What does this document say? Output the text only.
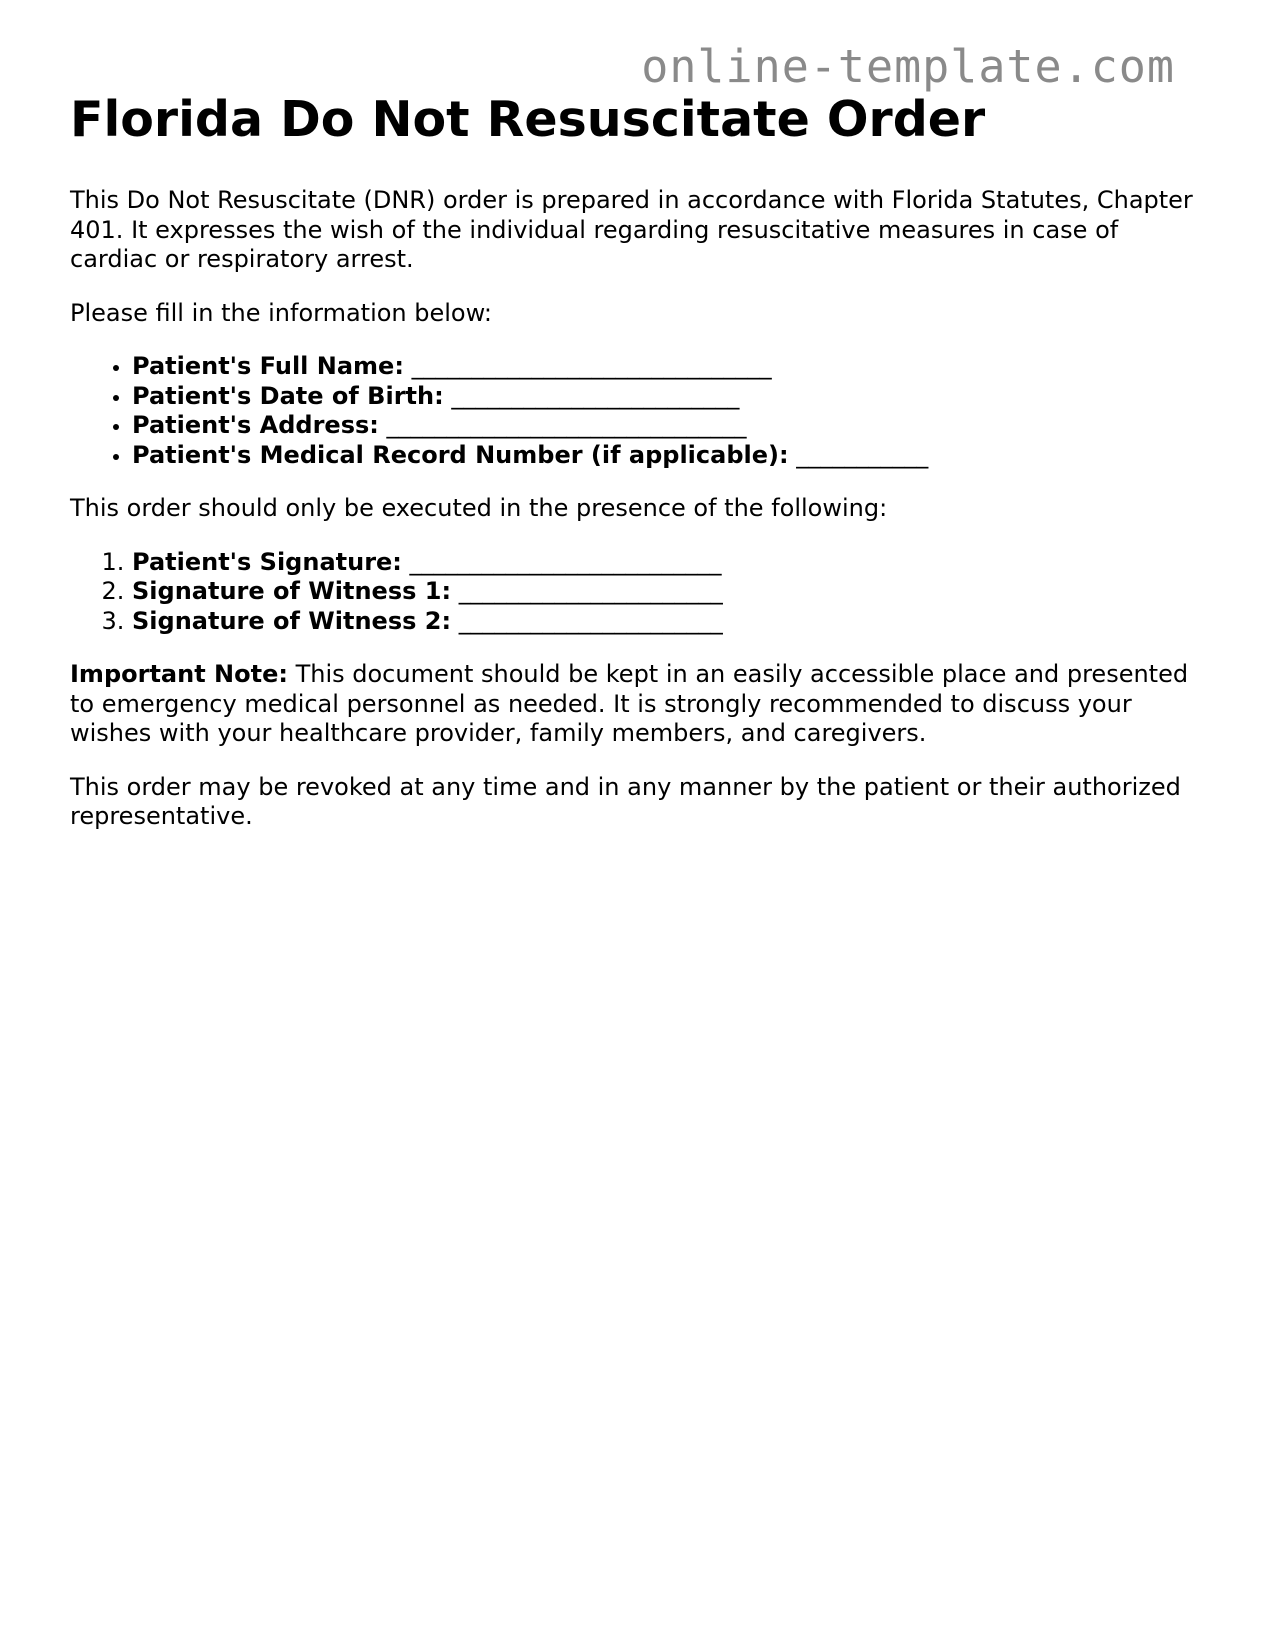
online-template.com
Florida Do Not Resuscitate Order

This Do Not Resuscitate (DNR) order is prepared in accordance with Florida Statutes, Chapter 401. It expresses the wish of the individual regarding resuscitative measures in case of cardiac or respiratory arrest.

Please fill in the information below:

• Patient's Full Name: ______________________________
• Patient's Date of Birth: ________________________
• Patient's Address: ______________________________
• Patient's Medical Record Number (if applicable): ___________

This order should only be executed in the presence of the following:

1. Patient's Signature: __________________________
2. Signature of Witness 1: ______________________
3. Signature of Witness 2: ______________________

Important Note: This document should be kept in an easily accessible place and presented to emergency medical personnel as needed. It is strongly recommended to discuss your wishes with your healthcare provider, family members, and caregivers.

This order may be revoked at any time and in any manner by the patient or their authorized representative.
